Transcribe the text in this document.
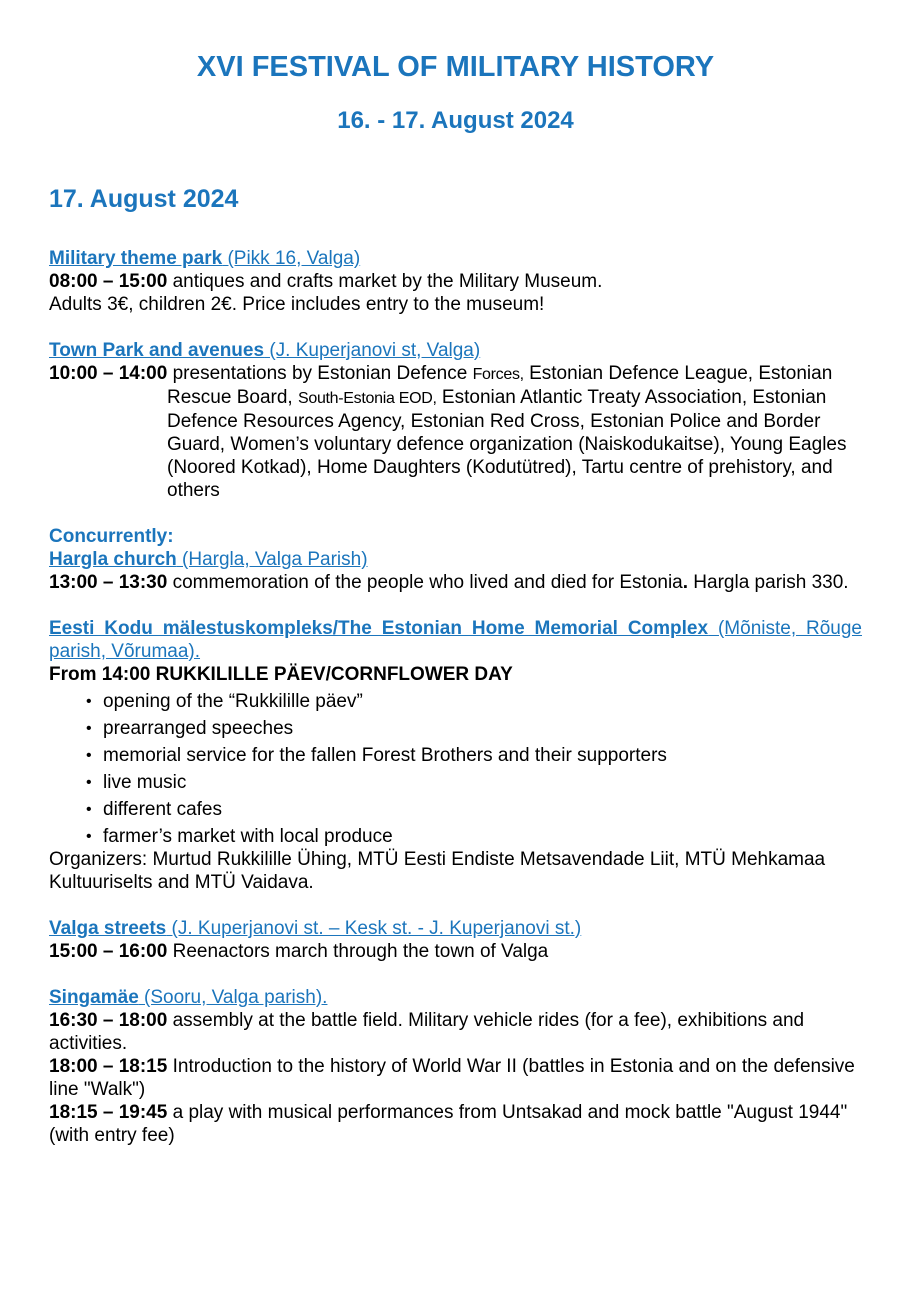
XVI FESTIVAL OF MILITARY HISTORY
16. - 17. August 2024
17. August 2024

Military theme park (Pikk 16, Valga)

08:00 – 15:00 antiques and crafts market by the Military Museum.

Adults 3€, children 2€. Price includes entry to the museum!

Town Park and avenues (J. Kuperjanovi st, Valga)

10:00 – 14:00 presentations by Estonian Defence Forces, Estonian Defence League, Estonian Rescue Board, South-Estonia EOD, Estonian Atlantic Treaty Association, Estonian Defence Resources Agency, Estonian Red Cross, Estonian Police and Border Guard, Women’s voluntary defence organization (Naiskodukaitse), Young Eagles (Noored Kotkad), Home Daughters (Kodutütred), Tartu centre of prehistory, and others

Concurrently:

Hargla church (Hargla, Valga Parish)

13:00 – 13:30 commemoration of the people who lived and died for Estonia. Hargla parish 330.

Eesti Kodu mälestuskompleks/The Estonian Home Memorial Complex (Mõniste, Rõuge parish, Võrumaa).

From 14:00 RUKKILILLE PÄEV/CORNFLOWER DAY

• opening of the “Rukkilille päev”
• prearranged speeches
• memorial service for the fallen Forest Brothers and their supporters
• live music
• different cafes
• farmer’s market with local produce

Organizers: Murtud Rukkilille Ühing, MTÜ Eesti Endiste Metsavendade Liit, MTÜ Mehkamaa Kultuuriselts and MTÜ Vaidava.

Valga streets (J. Kuperjanovi st. – Kesk st. - J. Kuperjanovi st.)

15:00 – 16:00 Reenactors march through the town of Valga

Singamäe (Sooru, Valga parish).

16:30 – 18:00 assembly at the battle field. Military vehicle rides (for a fee), exhibitions and activities.

18:00 – 18:15 Introduction to the history of World War II (battles in Estonia and on the defensive line "Walk")

18:15 – 19:45 a play with musical performances from Untsakad and mock battle "August 1944" (with entry fee)
